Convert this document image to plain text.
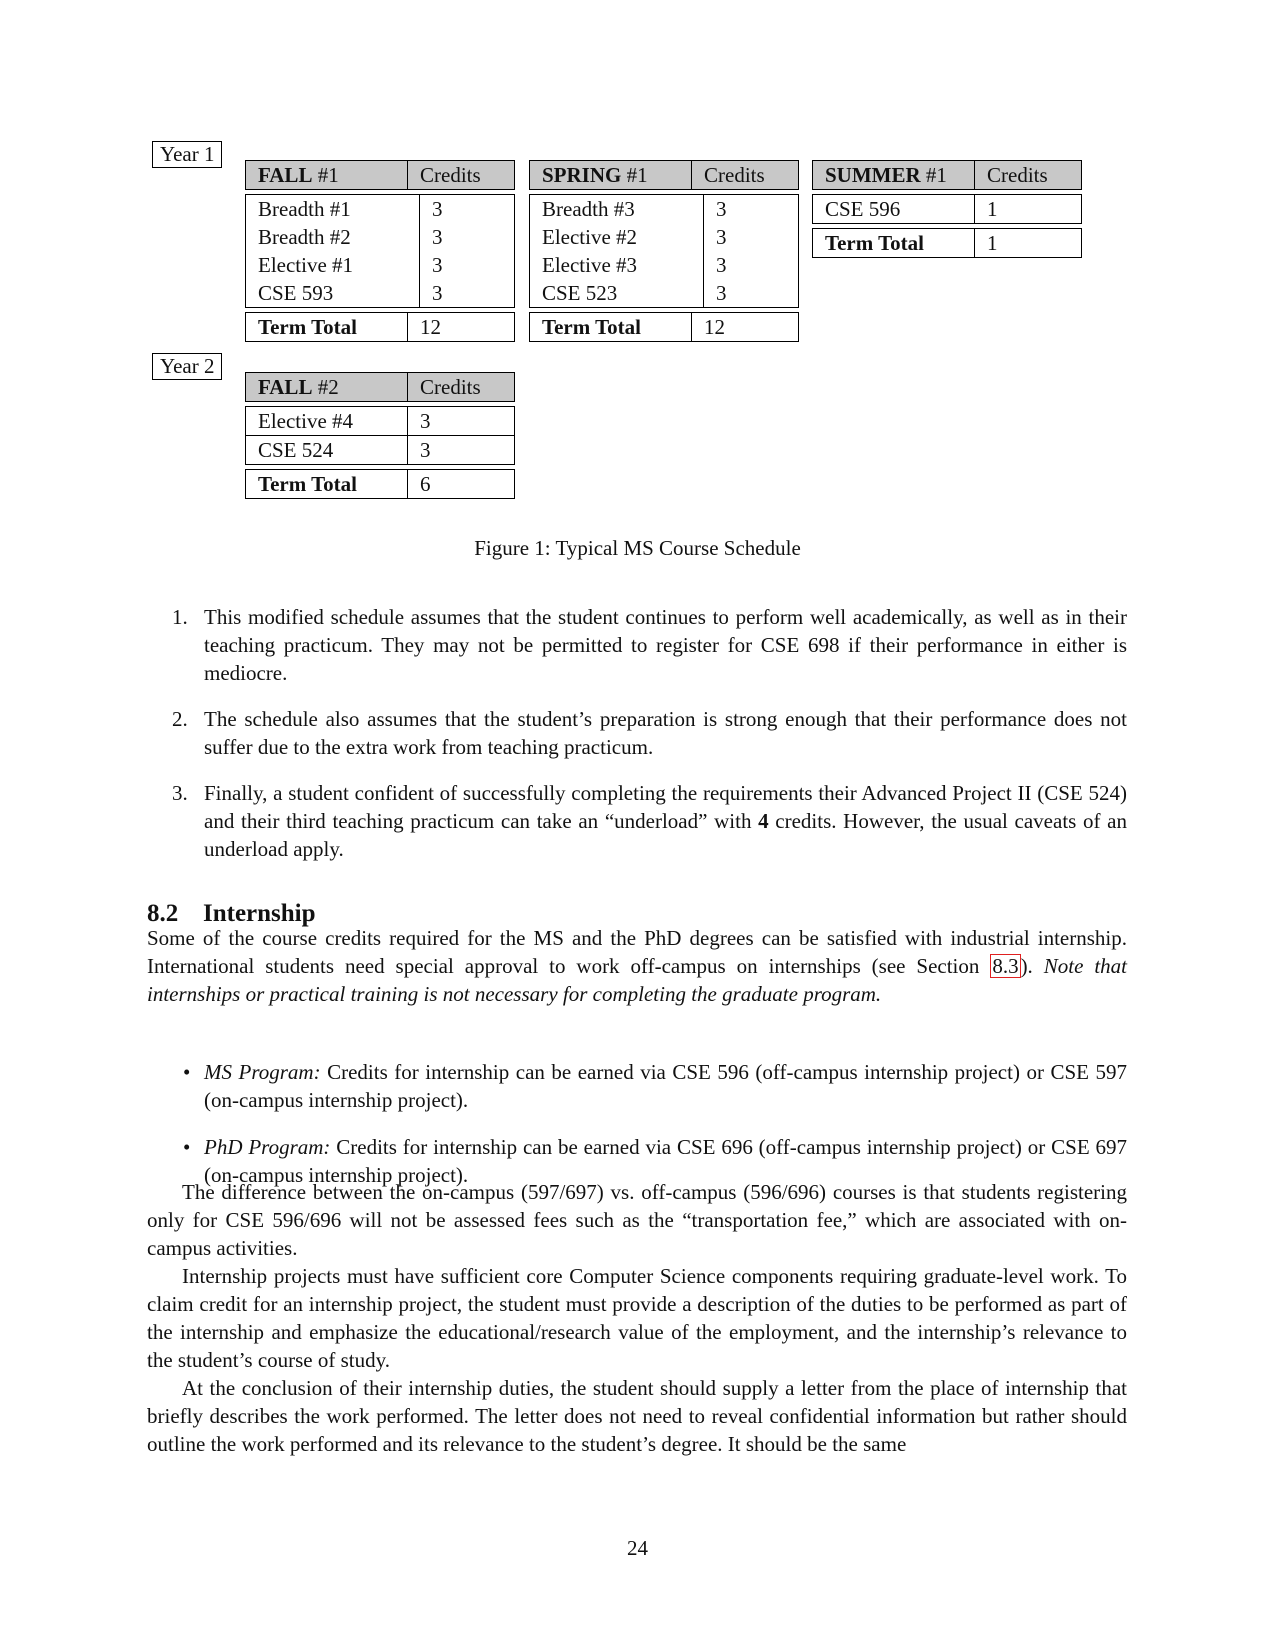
Year 1
Year 2
FALL #1	Credits
Breadth #1	3
Breadth #2	3
Elective #1	3
CSE 593	3
Term Total	12
SPRING #1	Credits
Breadth #3	3
Elective #2	3
Elective #3	3
CSE 523	3
Term Total	12
SUMMER #1	Credits
CSE 596	1
Term Total	1
FALL #2	Credits
Elective #4	3
CSE 524	3
Term Total	6
Figure 1: Typical MS Course Schedule
1. This modified schedule assumes that the student continues to perform well academically, as well as in their teaching practicum. They may not be permitted to register for CSE 698 if their performance in either is mediocre.
2. The schedule also assumes that the student’s preparation is strong enough that their performance does not suffer due to the extra work from teaching practicum.
3. Finally, a student confident of successfully completing the requirements their Advanced Project II (CSE 524) and their third teaching practicum can take an “underload” with 4 credits. However, the usual caveats of an underload apply.
8.2 Internship
Some of the course credits required for the MS and the PhD degrees can be satisfied with industrial internship. International students need special approval to work off-campus on internships (see Section 8.3). Note that internships or practical training is not necessary for completing the graduate program.
• MS Program: Credits for internship can be earned via CSE 596 (off-campus internship project) or CSE 597 (on-campus internship project).
• PhD Program: Credits for internship can be earned via CSE 696 (off-campus internship project) or CSE 697 (on-campus internship project).

The difference between the on-campus (597/697) vs. off-campus (596/696) courses is that students registering only for CSE 596/696 will not be assessed fees such as the “transportation fee,” which are associated with on-campus activities.

Internship projects must have sufficient core Computer Science components requiring graduate-level work. To claim credit for an internship project, the student must provide a description of the duties to be performed as part of the internship and emphasize the educational/research value of the employment, and the internship’s relevance to the student’s course of study.

At the conclusion of their internship duties, the student should supply a letter from the place of internship that briefly describes the work performed. The letter does not need to reveal confidential information but rather should outline the work performed and its relevance to the student’s degree. It should be the same

24
